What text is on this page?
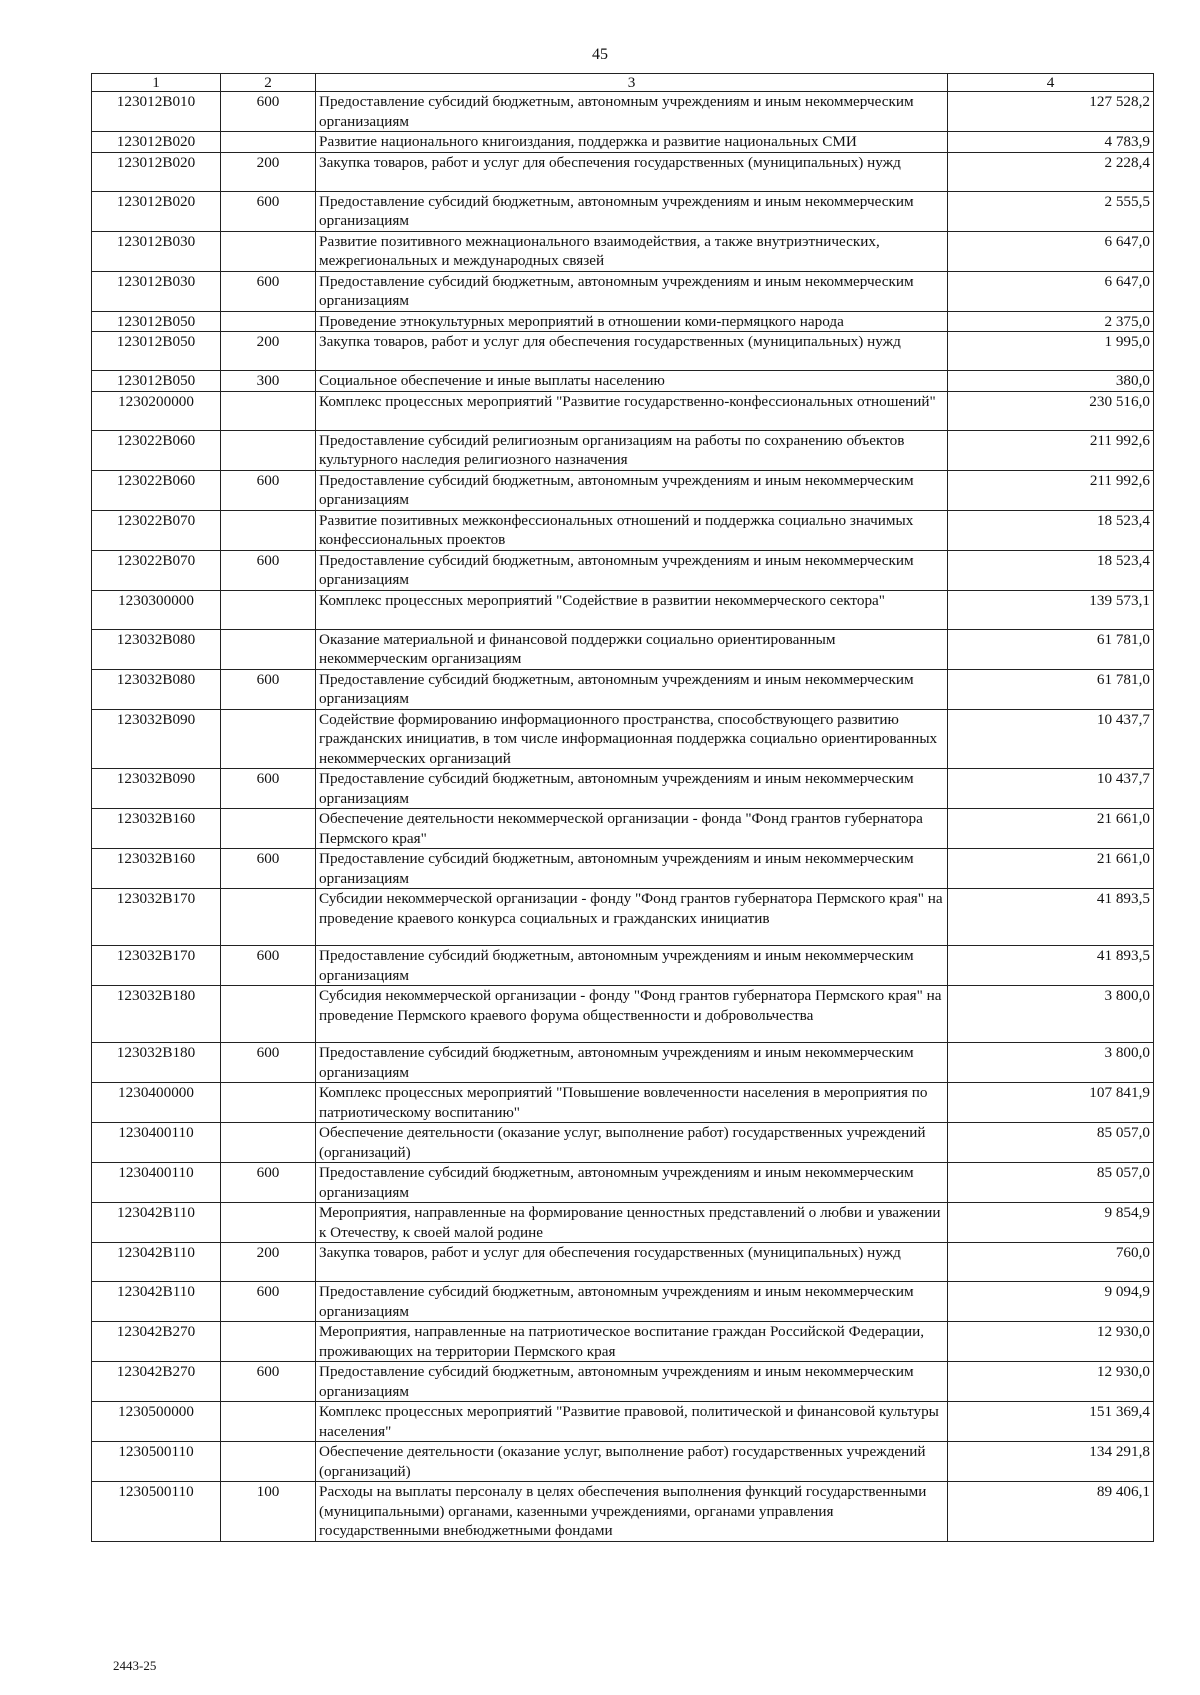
45
1	2	3	4
123012В010	600	Предоставление субсидий бюджетным, автономным учреждениям и иным некоммерческим организациям	127 528,2
123012В020		Развитие национального книгоиздания, поддержка и развитие национальных СМИ	4 783,9
123012В020	200	Закупка товаров, работ и услуг для обеспечения государственных (муниципальных) нужд	2 228,4
123012В020	600	Предоставление субсидий бюджетным, автономным учреждениям и иным некоммерческим организациям	2 555,5
123012В030		Развитие позитивного межнационального взаимодействия, а также внутриэтнических, межрегиональных и международных связей	6 647,0
123012В030	600	Предоставление субсидий бюджетным, автономным учреждениям и иным некоммерческим организациям	6 647,0
123012В050		Проведение этнокультурных мероприятий в отношении коми-пермяцкого народа	2 375,0
123012В050	200	Закупка товаров, работ и услуг для обеспечения государственных (муниципальных) нужд	1 995,0
123012В050	300	Социальное обеспечение и иные выплаты населению	380,0
1230200000		Комплекс процессных мероприятий "Развитие государственно-конфессиональных отношений"	230 516,0
123022В060		Предоставление субсидий религиозным организациям на работы по сохранению объектов культурного наследия религиозного назначения	211 992,6
123022В060	600	Предоставление субсидий бюджетным, автономным учреждениям и иным некоммерческим организациям	211 992,6
123022В070		Развитие позитивных межконфессиональных отношений и поддержка социально значимых конфессиональных проектов	18 523,4
123022В070	600	Предоставление субсидий бюджетным, автономным учреждениям и иным некоммерческим организациям	18 523,4
1230300000		Комплекс процессных мероприятий "Содействие в развитии некоммерческого сектора"	139 573,1
123032В080		Оказание материальной и финансовой поддержки социально ориентированным некоммерческим организациям	61 781,0
123032В080	600	Предоставление субсидий бюджетным, автономным учреждениям и иным некоммерческим организациям	61 781,0
123032В090		Содействие формированию информационного пространства, способствующего развитию гражданских инициатив, в том числе информационная поддержка социально ориентированных некоммерческих организаций	10 437,7
123032В090	600	Предоставление субсидий бюджетным, автономным учреждениям и иным некоммерческим организациям	10 437,7
123032В160		Обеспечение деятельности некоммерческой организации - фонда "Фонд грантов губернатора Пермского края"	21 661,0
123032В160	600	Предоставление субсидий бюджетным, автономным учреждениям и иным некоммерческим организациям	21 661,0
123032В170		Субсидии некоммерческой организации - фонду "Фонд грантов губернатора Пермского края" на проведение краевого конкурса социальных и гражданских инициатив	41 893,5
123032В170	600	Предоставление субсидий бюджетным, автономным учреждениям и иным некоммерческим организациям	41 893,5
123032В180		Субсидия некоммерческой организации - фонду "Фонд грантов губернатора Пермского края" на проведение Пермского краевого форума общественности и добровольчества	3 800,0
123032В180	600	Предоставление субсидий бюджетным, автономным учреждениям и иным некоммерческим организациям	3 800,0
1230400000		Комплекс процессных мероприятий "Повышение вовлеченности населения в мероприятия по патриотическому воспитанию"	107 841,9
1230400110		Обеспечение деятельности (оказание услуг, выполнение работ) государственных учреждений (организаций)	85 057,0
1230400110	600	Предоставление субсидий бюджетным, автономным учреждениям и иным некоммерческим организациям	85 057,0
123042В110		Мероприятия, направленные на формирование ценностных представлений о любви и уважении к Отечеству, к своей малой родине	9 854,9
123042В110	200	Закупка товаров, работ и услуг для обеспечения государственных (муниципальных) нужд	760,0
123042В110	600	Предоставление субсидий бюджетным, автономным учреждениям и иным некоммерческим организациям	9 094,9
123042В270		Мероприятия, направленные на патриотическое воспитание граждан Российской Федерации, проживающих на территории Пермского края	12 930,0
123042В270	600	Предоставление субсидий бюджетным, автономным учреждениям и иным некоммерческим организациям	12 930,0
1230500000		Комплекс процессных мероприятий "Развитие правовой, политической и финансовой культуры населения"	151 369,4
1230500110		Обеспечение деятельности (оказание услуг, выполнение работ) государственных учреждений (организаций)	134 291,8
1230500110	100	Расходы на выплаты персоналу в целях обеспечения выполнения функций государственными (муниципальными) органами, казенными учреждениями, органами управления государственными внебюджетными фондами	89 406,1
2443-25
